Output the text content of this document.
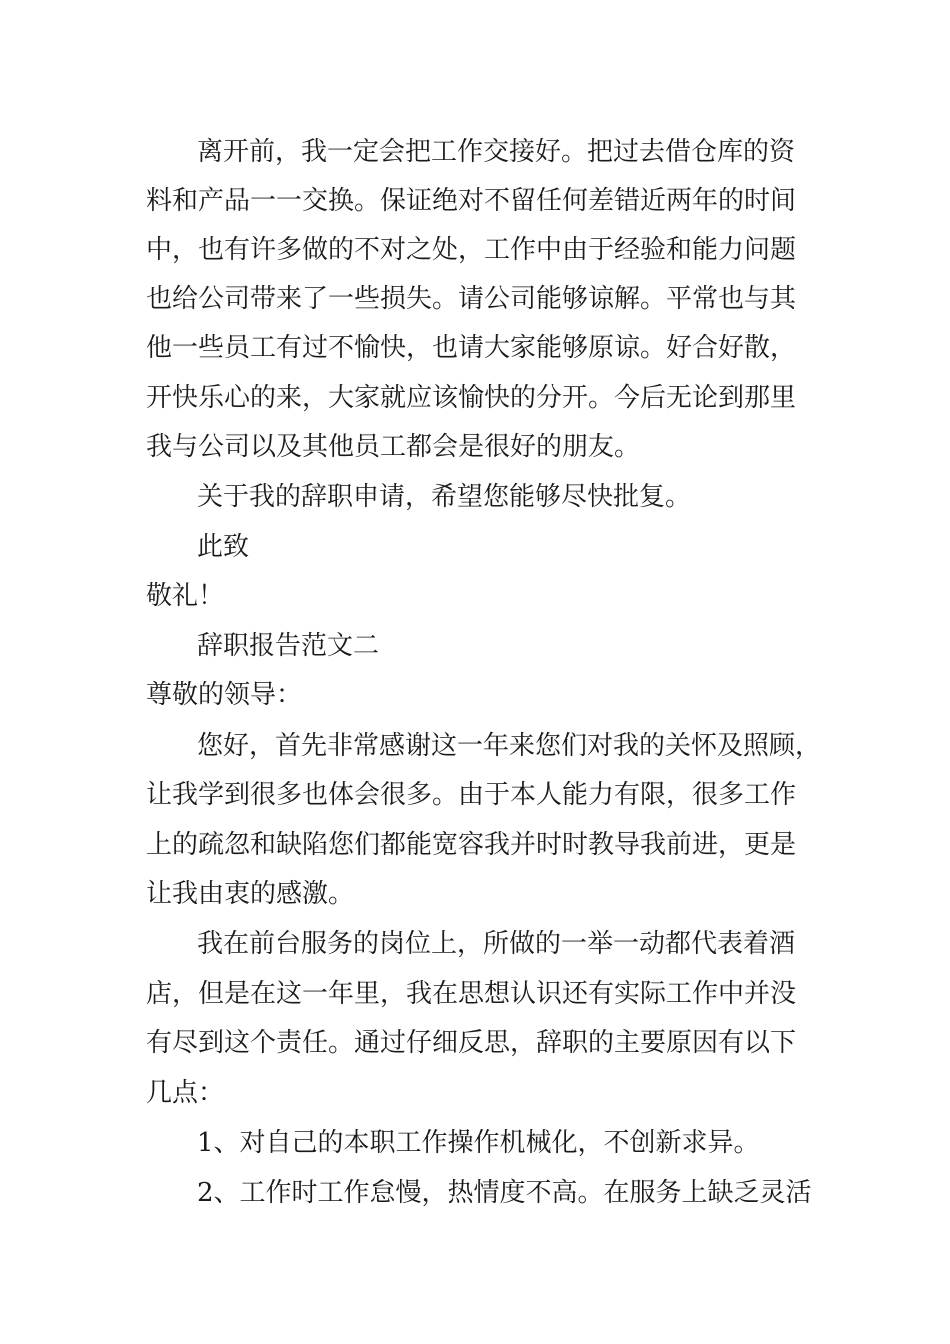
离开前，我一定会把工作交接好。把过去借仓库的资
料和产品一一交换。保证绝对不留任何差错近两年的时间
中，也有许多做的不对之处，工作中由于经验和能力问题
也给公司带来了一些损失。请公司能够谅解。平常也与其
他一些员工有过不愉快，也请大家能够原谅。好合好散，
开快乐心的来，大家就应该愉快的分开。今后无论到那里
我与公司以及其他员工都会是很好的朋友。
关于我的辞职申请，希望您能够尽快批复。
此致
敬礼！
辞职报告范文二
尊敬的领导：
您好，首先非常感谢这一年来您们对我的关怀及照顾，
让我学到很多也体会很多。由于本人能力有限，很多工作
上的疏忽和缺陷您们都能宽容我并时时教导我前进，更是
让我由衷的感激。
我在前台服务的岗位上，所做的一举一动都代表着酒
店，但是在这一年里，我在思想认识还有实际工作中并没
有尽到这个责任。通过仔细反思，辞职的主要原因有以下
几点：
1、对自己的本职工作操作机械化，不创新求异。
2、工作时工作怠慢，热情度不高。在服务上缺乏灵活
